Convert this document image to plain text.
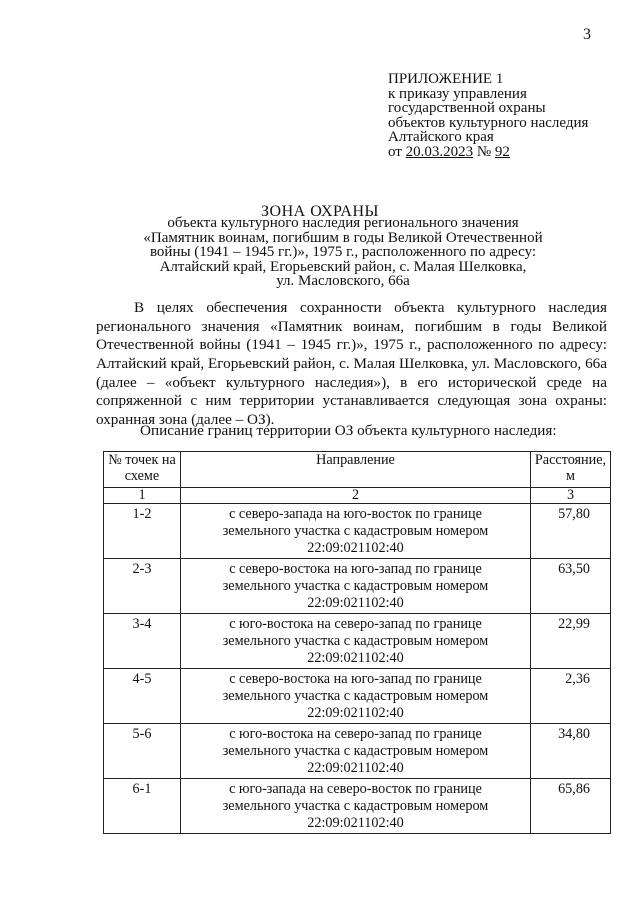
3
ПРИЛОЖЕНИЕ 1
к приказу управления
государственной охраны
объектов культурного наследия
Алтайского края
от 20.03.2023 № 92
ЗОНА ОХРАНЫ
объекта культурного наследия регионального значения
«Памятник воинам, погибшим в годы Великой Отечественной
войны (1941 – 1945 гг.)», 1975 г., расположенного по адресу:
Алтайский край, Егорьевский район, с. Малая Шелковка,
ул. Масловского, 66а
В целях обеспечения сохранности объекта культурного наследия
регионального значения «Памятник воинам, погибшим в годы Великой
Отечественной войны (1941 – 1945 гг.)», 1975 г., расположенного по адресу:
Алтайский край, Егорьевский район, с. Малая Шелковка, ул. Масловского, 66а
(далее – «объект культурного наследия»), в его исторической среде на
сопряженной с ним территории устанавливается следующая зона охраны:
охранная зона (далее – ОЗ).
Описание границ территории ОЗ объекта культурного наследия:
№ точек на схеме	Направление	Расстояние, м
1	2	3
1-2	с северо-запада на юго-восток по границе
земельного участка с кадастровым номером
22:09:021102:40	57,80
2-3	с северо-востока на юго-запад по границе
земельного участка с кадастровым номером
22:09:021102:40	63,50
3-4	с юго-востока на северо-запад по границе
земельного участка с кадастровым номером
22:09:021102:40	22,99
4-5	с северо-востока на юго-запад по границе
земельного участка с кадастровым номером
22:09:021102:40	2,36
5-6	с юго-востока на северо-запад по границе
земельного участка с кадастровым номером
22:09:021102:40	34,80
6-1	с юго-запада на северо-восток по границе
земельного участка с кадастровым номером
22:09:021102:40	65,86
